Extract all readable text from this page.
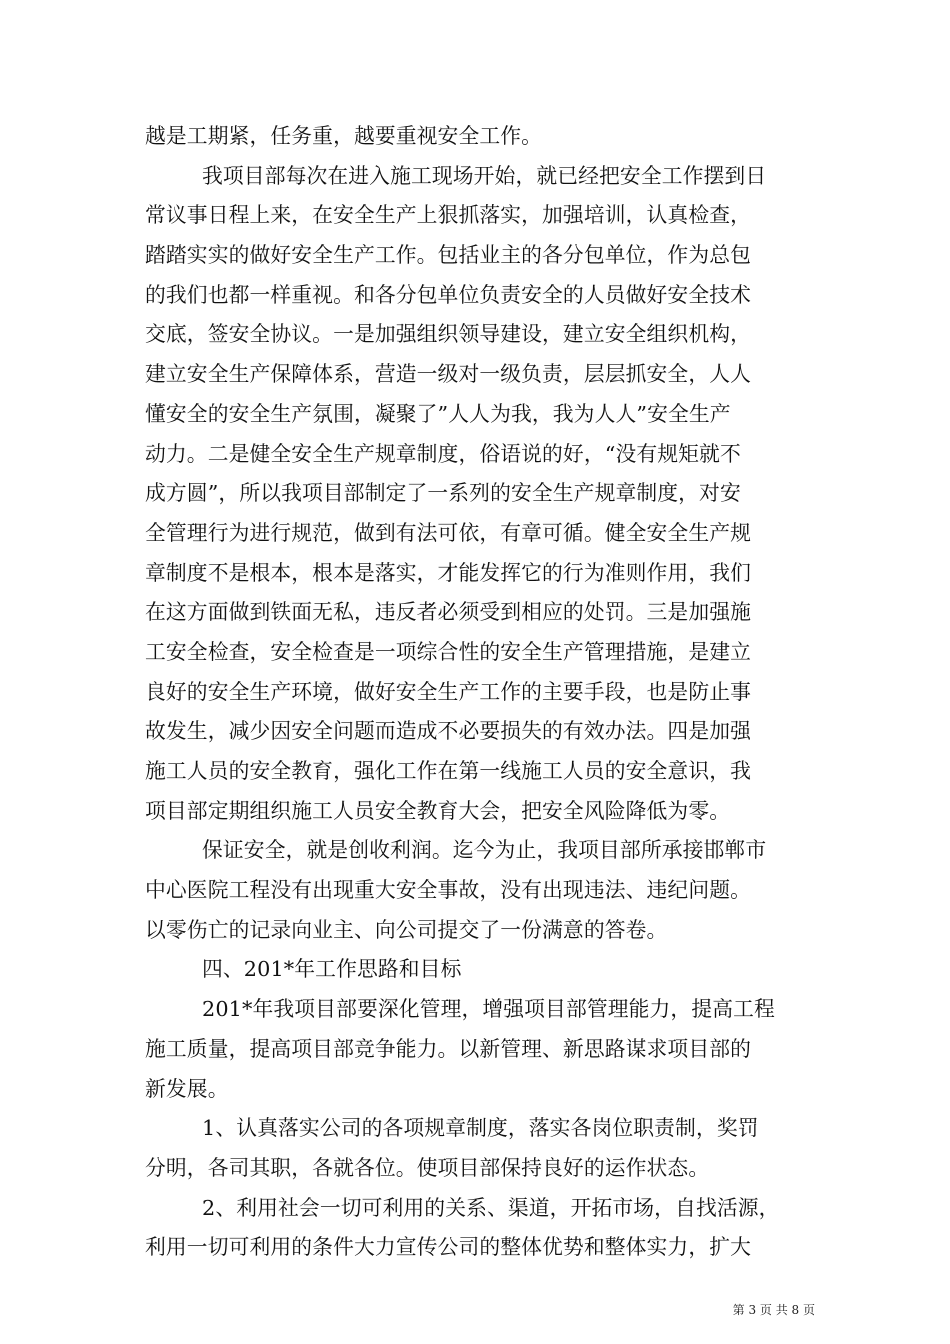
越是工期紧，任务重，越要重视安全工作。
我项目部每次在进入施工现场开始，就已经把安全工作摆到日
常议事日程上来，在安全生产上狠抓落实，加强培训，认真检查，
踏踏实实的做好安全生产工作。包括业主的各分包单位，作为总包
的我们也都一样重视。和各分包单位负责安全的人员做好安全技术
交底，签安全协议。一是加强组织领导建设，建立安全组织机构，
建立安全生产保障体系，营造一级对一级负责，层层抓安全，人人
懂安全的安全生产氛围，凝聚了”人人为我，我为人人”安全生产
动力。二是健全安全生产规章制度，俗语说的好，“没有规矩就不
成方圆”，所以我项目部制定了一系列的安全生产规章制度，对安
全管理行为进行规范，做到有法可依，有章可循。健全安全生产规
章制度不是根本，根本是落实，才能发挥它的行为准则作用，我们
在这方面做到铁面无私，违反者必须受到相应的处罚。三是加强施
工安全检查，安全检查是一项综合性的安全生产管理措施，是建立
良好的安全生产环境，做好安全生产工作的主要手段，也是防止事
故发生，减少因安全问题而造成不必要损失的有效办法。四是加强
施工人员的安全教育，强化工作在第一线施工人员的安全意识，我
项目部定期组织施工人员安全教育大会，把安全风险降低为零。
保证安全，就是创收利润。迄今为止，我项目部所承接邯郸市
中心医院工程没有出现重大安全事故，没有出现违法、违纪问题。
以零伤亡的记录向业主、向公司提交了一份满意的答卷。
四、201*年工作思路和目标
201*年我项目部要深化管理，增强项目部管理能力，提高工程
施工质量，提高项目部竞争能力。以新管理、新思路谋求项目部的
新发展。
1、认真落实公司的各项规章制度，落实各岗位职责制，奖罚
分明，各司其职，各就各位。使项目部保持良好的运作状态。
2、利用社会一切可利用的关系、渠道，开拓市场，自找活源，
利用一切可利用的条件大力宣传公司的整体优势和整体实力，扩大
第 3 页 共 8 页
